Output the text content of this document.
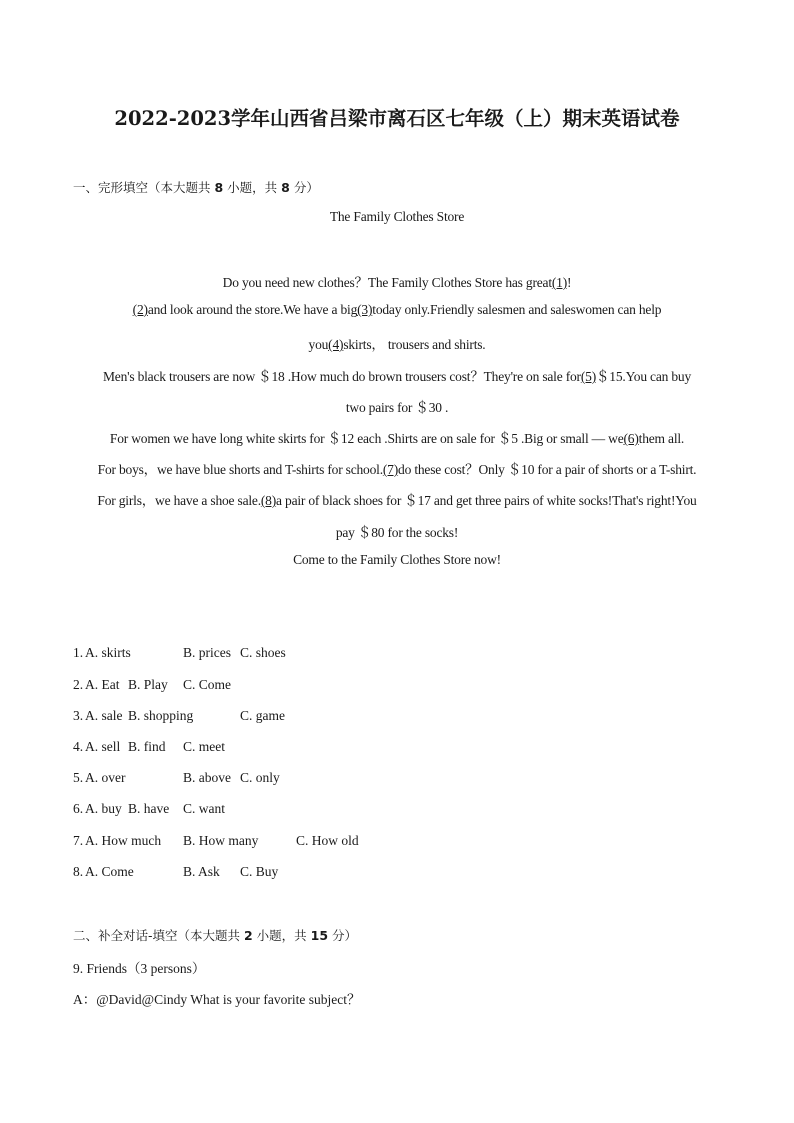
2022-2023学年山西省吕梁市离石区七年级（上）期末英语试卷
一、完形填空（本大题共 8 小题，共 8 分）
The Family Clothes Store
Do you need new clothes？The Family Clothes Store has great(1)!
(2)and look around the store.We have a big(3)today only.Friendly salesmen and saleswomen can help
you(4)skirts， trousers and shirts.
Men's black trousers are now ＄18 .How much do brown trousers cost？They're on sale for(5)＄15.You can buy
two pairs for ＄30 .
For women we have long white skirts for ＄12 each .Shirts are on sale for ＄5 .Big or small — we(6)them all.
For boys，we have blue shorts and T-shirts for school.(7)do these cost？Only ＄10 for a pair of shorts or a T-shirt.
For girls，we have a shoe sale.(8)a pair of black shoes for ＄17 and get three pairs of white socks!That's right!You
pay ＄80 for the socks!
Come to the Family Clothes Store now!
1. A. skirts	B. prices C. shoes
2. A. Eat B. Play C. Come
3. A. sale B. shopping	C. game
4. A. sell B. find C. meet
5. A. over	B. above C. only
6. A. buy B. have C. want
7. A. How much B. How many	C. How old
8. A. Come	B. Ask C. Buy
二、补全对话-填空（本大题共 2 小题，共 15 分）
9. Friends（3 persons）
A：@David@Cindy What is your favorite subject？
